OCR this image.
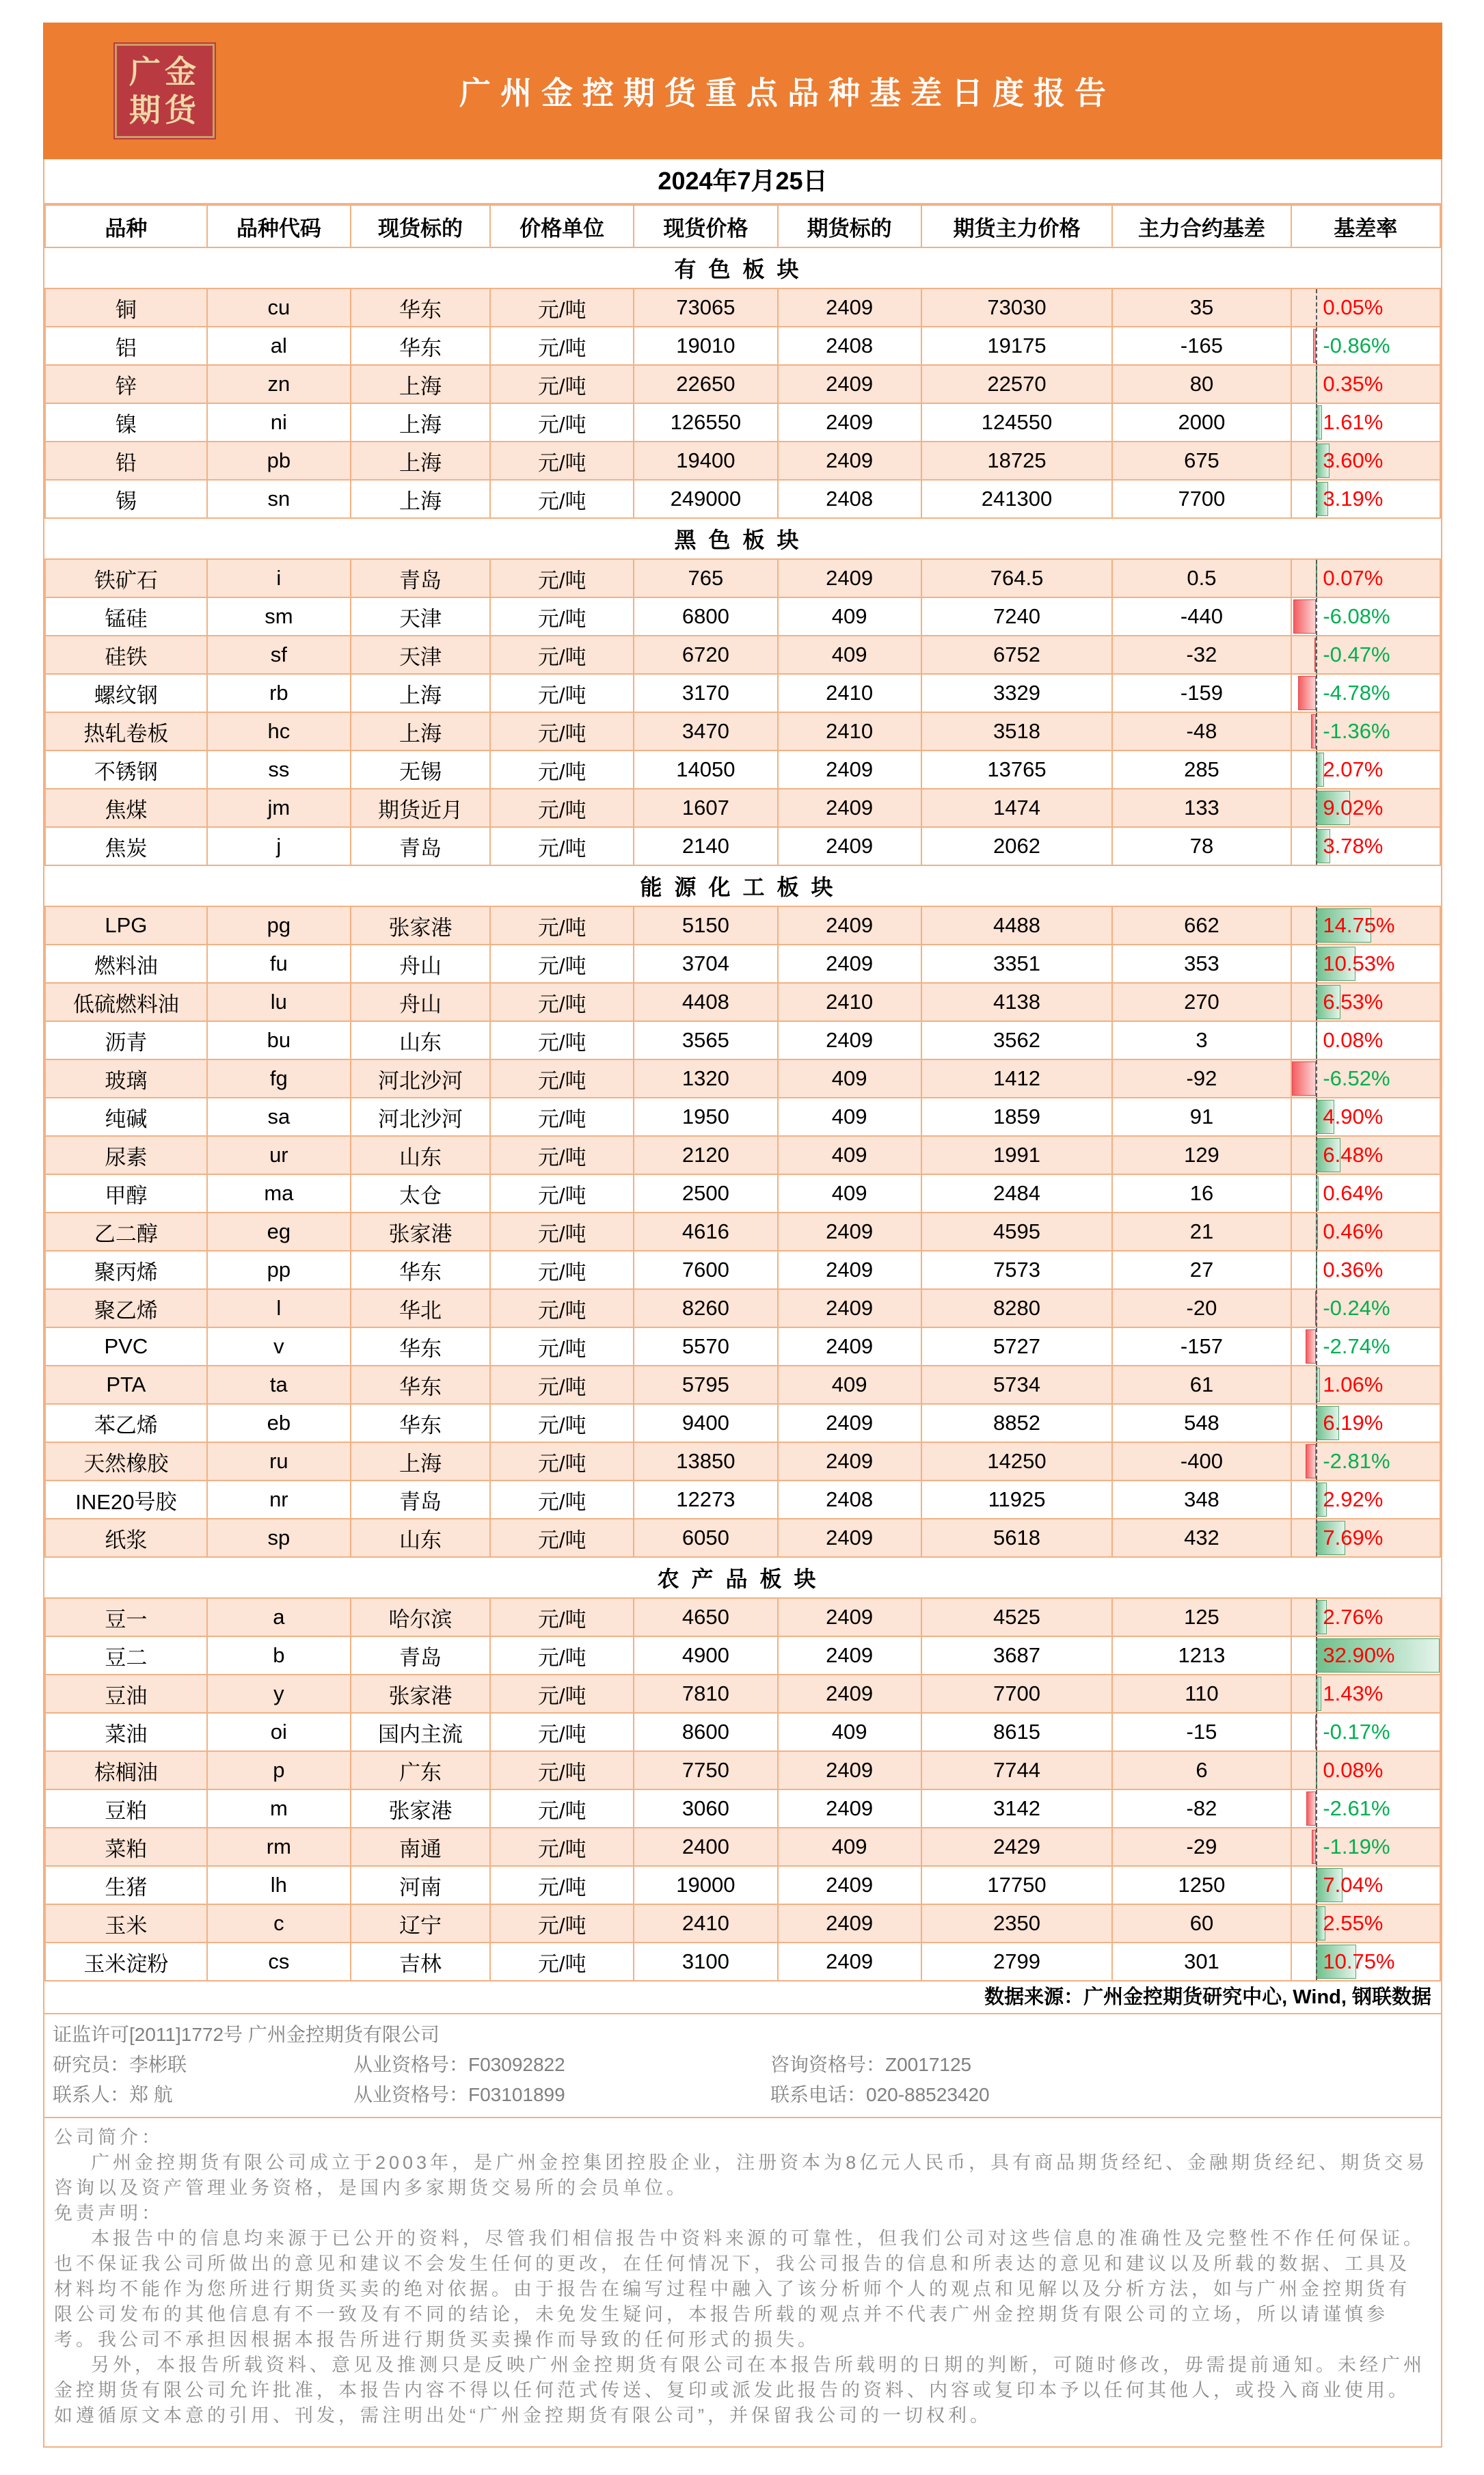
广金
期货	广州金控期货重点品种基差日度报告
2024年7月25日
品种	品种代码	现货标的	价格单位	现货价格	期货标的	期货主力价格	主力合约基差	基差率
有色板块								
铜	cu	华东	元/吨	73065	2409	73030	35	0.05%

铝	al	华东	元/吨	19010	2408	19175	-165	-0.86%

锌	zn	上海	元/吨	22650	2409	22570	80	0.35%

镍	ni	上海	元/吨	126550	2409	124550	2000	1.61%

铅	pb	上海	元/吨	19400	2409	18725	675	3.60%

锡	sn	上海	元/吨	249000	2408	241300	7700	3.19%

黑色板块								
铁矿石	i	青岛	元/吨	765	2409	764.5	0.5	0.07%

锰硅	sm	天津	元/吨	6800	409	7240	-440	-6.08%

硅铁	sf	天津	元/吨	6720	409	6752	-32	-0.47%

螺纹钢	rb	上海	元/吨	3170	2410	3329	-159	-4.78%

热轧卷板	hc	上海	元/吨	3470	2410	3518	-48	-1.36%

不锈钢	ss	无锡	元/吨	14050	2409	13765	285	2.07%

焦煤	jm	期货近月	元/吨	1607	2409	1474	133	9.02%

焦炭	j	青岛	元/吨	2140	2409	2062	78	3.78%

能源化工板块								
LPG	pg	张家港	元/吨	5150	2409	4488	662	14.75%

燃料油	fu	舟山	元/吨	3704	2409	3351	353	10.53%

低硫燃料油	lu	舟山	元/吨	4408	2410	4138	270	6.53%

沥青	bu	山东	元/吨	3565	2409	3562	3	0.08%

玻璃	fg	河北沙河	元/吨	1320	409	1412	-92	-6.52%

纯碱	sa	河北沙河	元/吨	1950	409	1859	91	4.90%

尿素	ur	山东	元/吨	2120	409	1991	129	6.48%

甲醇	ma	太仓	元/吨	2500	409	2484	16	0.64%

乙二醇	eg	张家港	元/吨	4616	2409	4595	21	0.46%

聚丙烯	pp	华东	元/吨	7600	2409	7573	27	0.36%

聚乙烯	l	华北	元/吨	8260	2409	8280	-20	-0.24%

PVC	v	华东	元/吨	5570	2409	5727	-157	-2.74%

PTA	ta	华东	元/吨	5795	409	5734	61	1.06%

苯乙烯	eb	华东	元/吨	9400	2409	8852	548	6.19%

天然橡胶	ru	上海	元/吨	13850	2409	14250	-400	-2.81%

INE20号胶	nr	青岛	元/吨	12273	2408	11925	348	2.92%

纸浆	sp	山东	元/吨	6050	2409	5618	432	7.69%

农产品板块								
豆一	a	哈尔滨	元/吨	4650	2409	4525	125	2.76%

豆二	b	青岛	元/吨	4900	2409	3687	1213	32.90%

豆油	y	张家港	元/吨	7810	2409	7700	110	1.43%

菜油	oi	国内主流	元/吨	8600	409	8615	-15	-0.17%

棕榈油	p	广东	元/吨	7750	2409	7744	6	0.08%

豆粕	m	张家港	元/吨	3060	2409	3142	-82	-2.61%

菜粕	rm	南通	元/吨	2400	409	2429	-29	-1.19%

生猪	lh	河南	元/吨	19000	2409	17750	1250	7.04%

玉米	c	辽宁	元/吨	2410	2409	2350	60	2.55%

玉米淀粉	cs	吉林	元/吨	3100	2409	2799	301	10.75%
数据来源：广州金控期货研究中心, Wind, 钢联数据
证监许可[2011]1772号 广州金控期货有限公司
研究员：李彬联	从业资格号：F03092822	咨询资格号：Z0017125
联系人：郑 航	从业资格号：F03101899	联系电话：020-88523420
公司简介：

广州金控期货有限公司成立于2003年，是广州金控集团控股企业，注册资本为8亿元人民币，具有商品期货经纪、金融期货经纪、期货交易咨询以及资产管理业务资格，是国内多家期货交易所的会员单位。

免责声明：

本报告中的信息均来源于已公开的资料，尽管我们相信报告中资料来源的可靠性，但我们公司对这些信息的准确性及完整性不作任何保证。也不保证我公司所做出的意见和建议不会发生任何的更改，在任何情况下，我公司报告的信息和所表达的意见和建议以及所载的数据、工具及材料均不能作为您所进行期货买卖的绝对依据。由于报告在编写过程中融入了该分析师个人的观点和见解以及分析方法，如与广州金控期货有限公司发布的其他信息有不一致及有不同的结论，未免发生疑问，本报告所载的观点并不代表广州金控期货有限公司的立场，所以请谨慎参考。我公司不承担因根据本报告所进行期货买卖操作而导致的任何形式的损失。

另外，本报告所载资料、意见及推测只是反映广州金控期货有限公司在本报告所载明的日期的判断，可随时修改，毋需提前通知。未经广州金控期货有限公司允许批准，本报告内容不得以任何范式传送、复印或派发此报告的资料、内容或复印本予以任何其他人，或投入商业使用。如遵循原文本意的引用、刊发，需注明出处“广州金控期货有限公司”，并保留我公司的一切权利。
